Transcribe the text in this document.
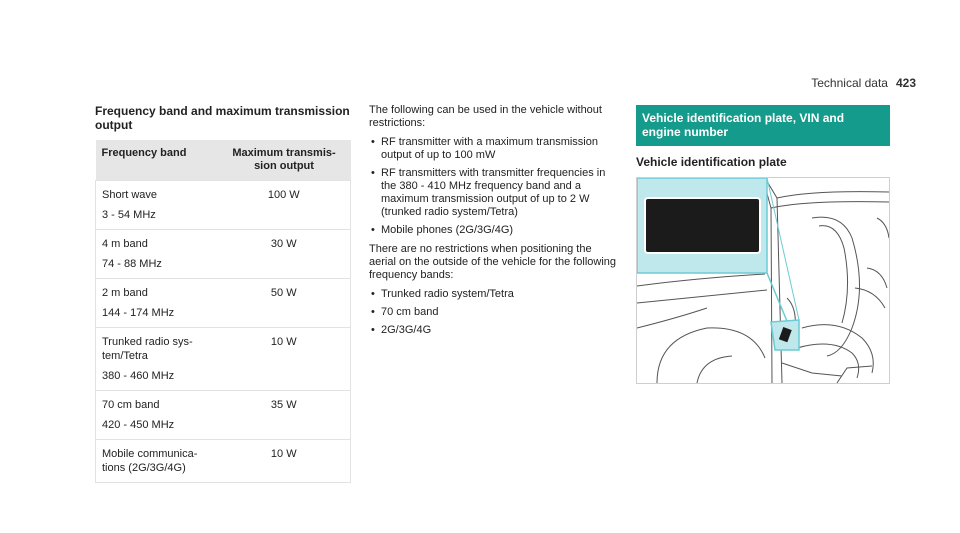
Technical data 423
Frequency band and maximum transmission output
Frequency band	Maximum transmis-
sion output

Short wave
3 - 54 MHz	100 W

4 m band
74 - 88 MHz	30 W

2 m band
144 - 174 MHz	50 W

Trunked radio sys-
tem/Tetra
380 - 460 MHz	10 W

70 cm band
420 - 450 MHz	35 W

Mobile communica-
tions (2G/3G/4G)	10 W

The following can be used in the vehicle without restrictions:

• RF transmitter with a maximum transmission output of up to 100 mW
• RF transmitters with transmitter frequencies in the 380 - 410 MHz frequency band and a maximum transmission output of up to 2 W (trunked radio system/Tetra)
• Mobile phones (2G/3G/4G)

There are no restrictions when positioning the aerial on the outside of the vehicle for the following frequency bands:

• Trunked radio system/Tetra
• 70 cm band
• 2G/3G/4G
Vehicle identification plate, VIN and engine number
Vehicle identification plate
